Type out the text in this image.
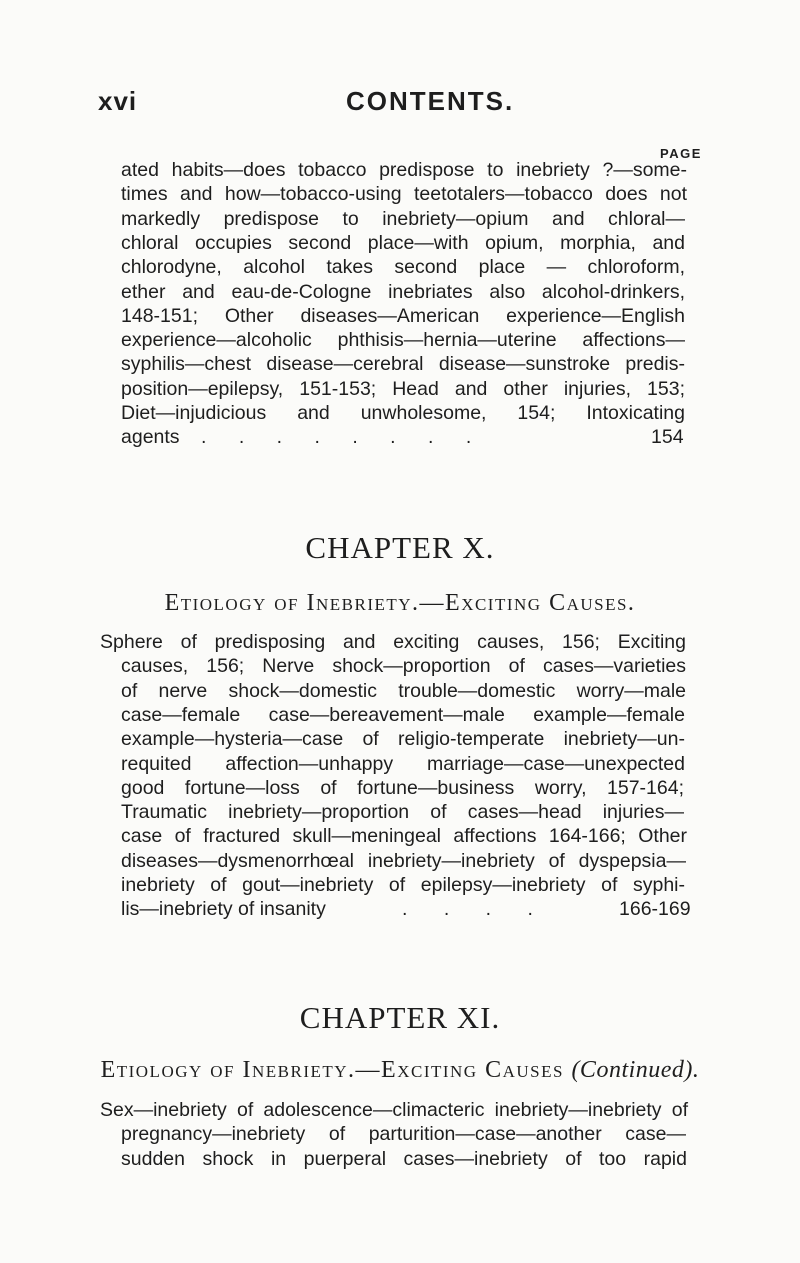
xvi	CONTENTS.
PAGE
ated habits—does tobacco predispose to inebriety ?—some-
times and how—tobacco-using teetotalers—tobacco does not
markedly predispose to inebriety—opium and chloral—
chloral occupies second place—with opium, morphia, and
chlorodyne, alcohol takes second place — chloroform,
ether and eau-de-Cologne inebriates also alcohol-drinkers,
148-151; Other diseases—American experience—English
experience—alcoholic phthisis—hernia—uterine affections—
syphilis—chest disease—cerebral disease—sunstroke predis-
position—epilepsy, 151-153; Head and other injuries, 153;
Diet—injudicious and unwholesome, 154; Intoxicating
agents . . . . . . . .	154
CHAPTER X.
Etiology of Inebriety.—Exciting Causes.
Sphere of predisposing and exciting causes, 156; Exciting
causes, 156; Nerve shock—proportion of cases—varieties
of nerve shock—domestic trouble—domestic worry—male
case—female case—bereavement—male example—female
example—hysteria—case of religio-temperate inebriety—un-
requited affection—unhappy marriage—case—unexpected
good fortune—loss of fortune—business worry, 157-164;
Traumatic inebriety—proportion of cases—head injuries—
case of fractured skull—meningeal affections 164-166; Other
diseases—dysmenorrhœal inebriety—inebriety of dyspepsia—
inebriety of gout—inebriety of epilepsy—inebriety of syphi-
lis—inebriety of insanity	. . . .	166-169
CHAPTER XI.
Etiology of Inebriety.—Exciting Causes (Continued).
Sex—inebriety of adolescence—climacteric inebriety—inebriety of
pregnancy—inebriety of parturition—case—another case—
sudden shock in puerperal cases—inebriety of too rapid
